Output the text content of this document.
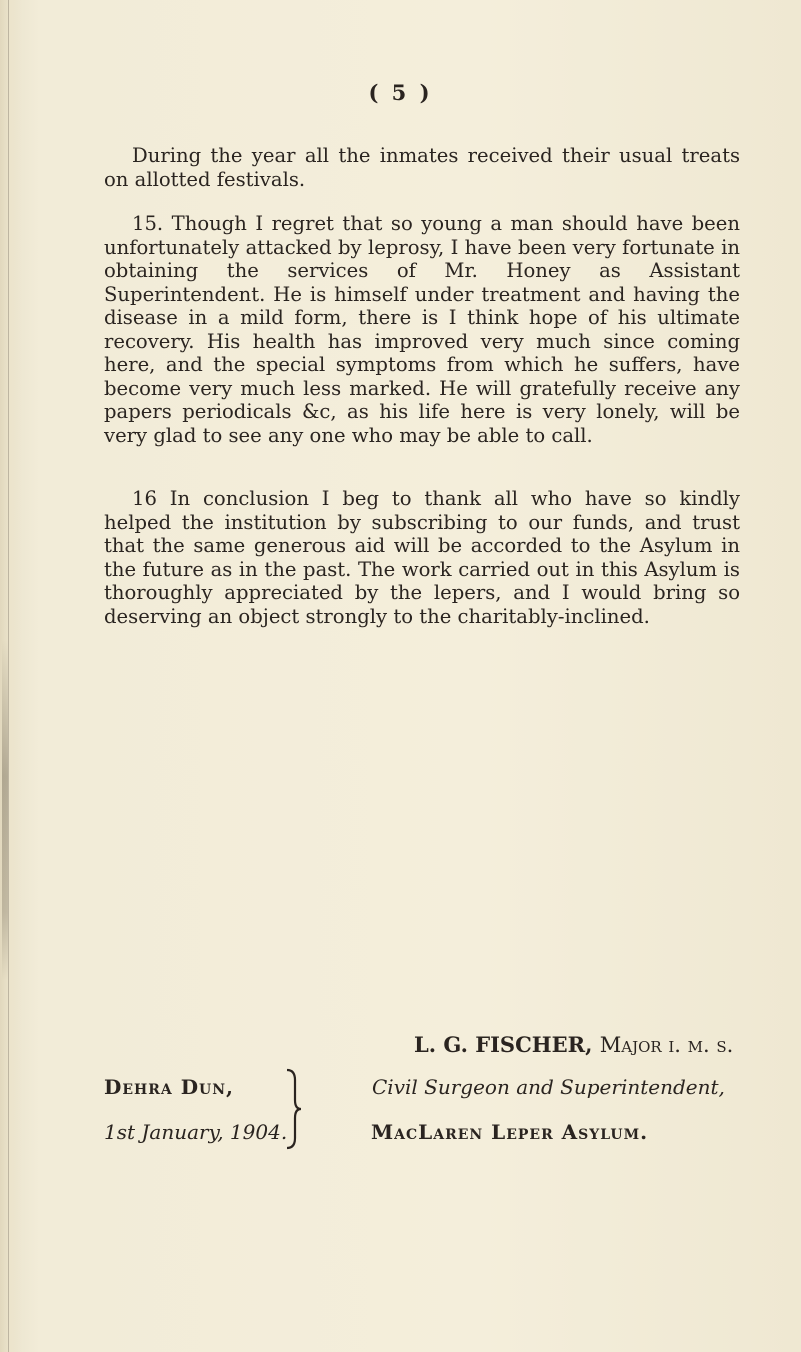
( 5 )

During the year all the inmates received their usual treats on allotted festivals.

15. Though I regret that so young a man should have been unfortunately attacked by leprosy, I have been very fortunate in obtaining the services of Mr. Honey as Assistant Superintendent. He is himself under treatment and having the disease in a mild form, there is I think hope of his ultimate recovery. His health has improved very much since coming here, and the special symptoms from which he suffers, have become very much less marked. He will gratefully receive any papers periodicals &c, as his life here is very lonely, will be very glad to see any one who may be able to call.

16 In conclusion I beg to thank all who have so kindly helped the institution by subscribing to our funds, and trust that the same generous aid will be accorded to the Asylum in the future as in the past. The work carried out in this Asylum is thoroughly appreciated by the lepers, and I would bring so deserving an object strongly to the charitably-inclined.

L. G. FISCHER, Major i. m. s.
Dehra Dun,
1st January, 1904.
Civil Surgeon and Superintendent,
MacLaren Leper Asylum.
